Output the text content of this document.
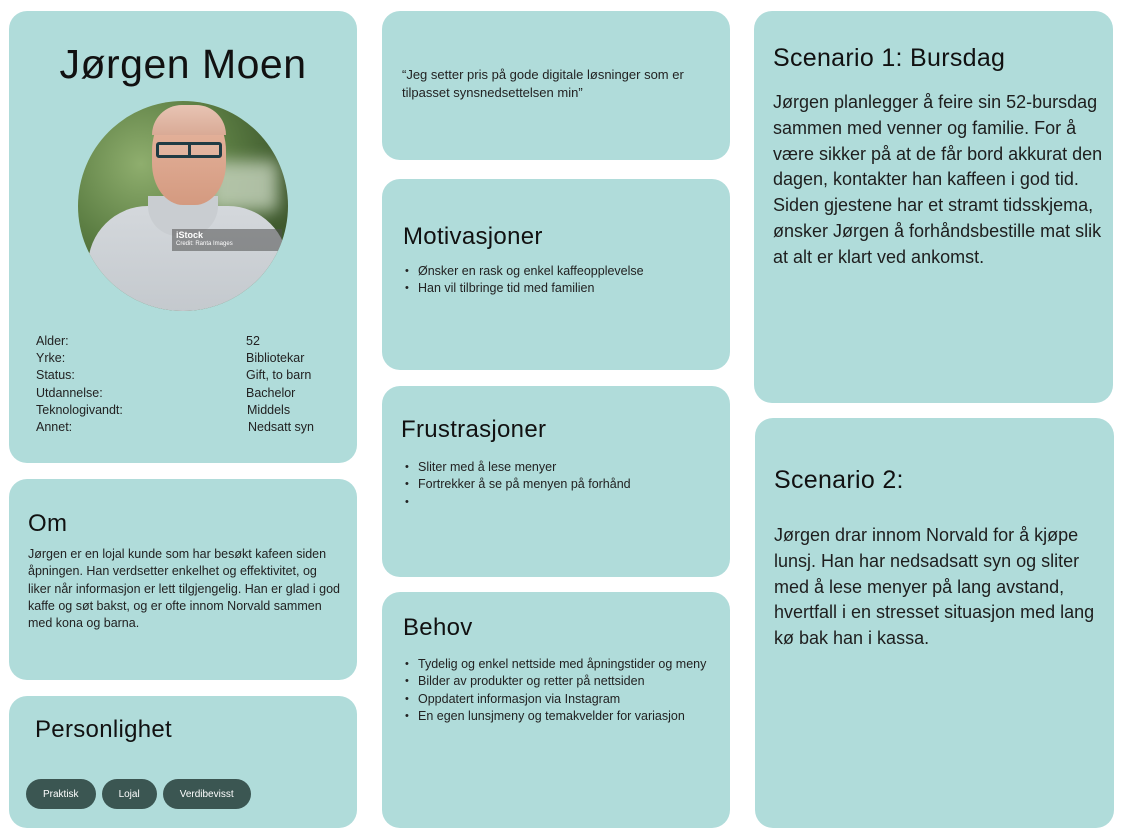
Jørgen Moen
iStock
Credit: Ranta Images
Alder:	52
Yrke:	Bibliotekar
Status:	Gift, to barn
Utdannelse:	Bachelor
Teknologivandt:	Middels
Annet:	Nedsatt syn
Om

Jørgen er en lojal kunde som har besøkt kafeen siden åpningen. Han verdsetter enkelhet og effektivitet, og liker når informasjon er lett tilgjengelig. Han er glad i god kaffe og søt bakst, og er ofte innom Norvald sammen med kona og barna.

Personlighet
Praktisk	Lojal	Verdibevisst

“Jeg setter pris på gode digitale løsninger som er tilpasset synsnedsettelsen min”

Motivasjoner
• Ønsker en rask og enkel kaffeopplevelse
• Han vil tilbringe tid med familien
Frustrasjoner
• Sliter med å lese menyer
• Fortrekker å se på menyen på forhånd
•
Behov
• Tydelig og enkel nettside med åpningstider og meny
• Bilder av produkter og retter på nettsiden
• Oppdatert informasjon via Instagram
• En egen lunsjmeny og temakvelder for variasjon
Scenario 1: Bursdag

Jørgen planlegger å feire sin 52-bursdag sammen med venner og familie. For å være sikker på at de får bord akkurat den dagen, kontakter han kaffeen i god tid. Siden gjestene har et stramt tidsskjema, ønsker Jørgen å forhåndsbestille mat slik at alt er klart ved ankomst.

Scenario 2:

Jørgen drar innom Norvald for å kjøpe lunsj. Han har nedsadsatt syn og sliter med å lese menyer på lang avstand, hvertfall i en stresset situasjon med lang kø bak han i kassa.
